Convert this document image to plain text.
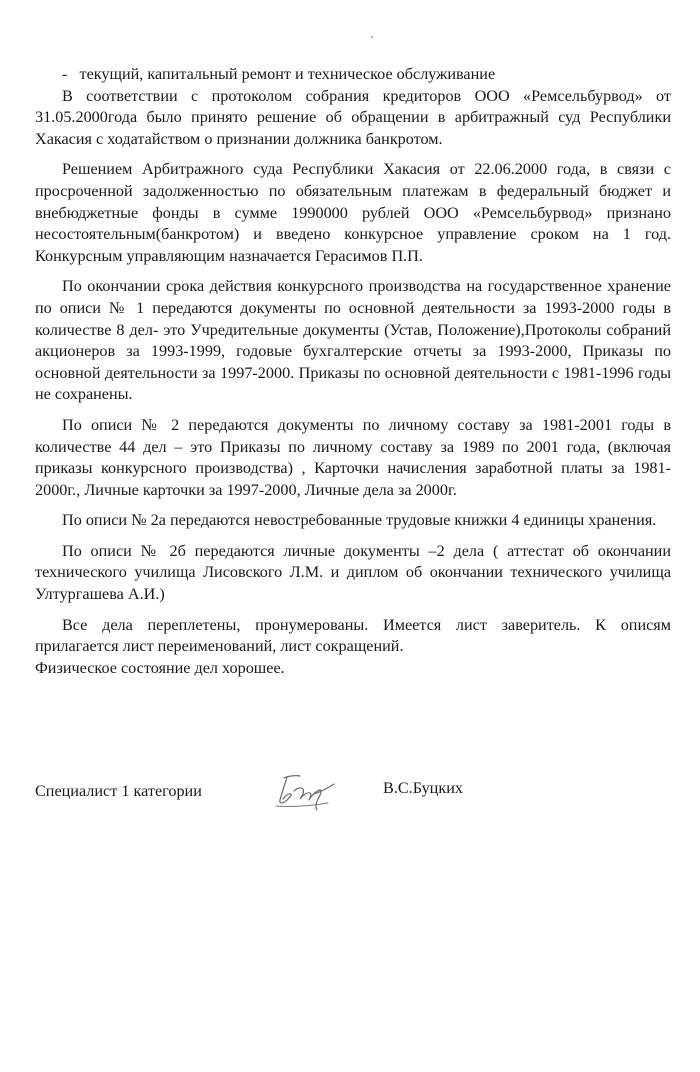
-   текущий, капитальный ремонт и техническое обслуживание

В соответствии с протоколом собрания кредиторов ООО «Ремсельбурвод» от 31.05.2000года было принято решение об обращении в арбитражный суд Республики Хакасия с ходатайством о признании должника банкротом.

Решением Арбитражного суда Республики Хакасия от 22.06.2000 года, в связи с просроченной задолженностью по обязательным платежам в федеральный бюджет и внебюджетные фонды в сумме 1990000 рублей ООО «Ремсельбурвод» признано несостоятельным(банкротом) и введено конкурсное управление сроком на 1 год. Конкурсным управляющим назначается Герасимов П.П.

По окончании срока действия конкурсного производства на государственное хранение по описи № 1 передаются документы по основной деятельности за 1993-2000 годы в количестве 8 дел- это Учредительные документы (Устав, Положение),Протоколы собраний акционеров за 1993-1999, годовые бухгалтерские отчеты за 1993-2000, Приказы по основной деятельности за 1997-2000. Приказы по основной деятельности с 1981-1996 годы не сохранены.

По описи № 2 передаются документы по личному составу за 1981-2001 годы в количестве 44 дел – это Приказы по личному составу за 1989 по 2001 года, (включая приказы конкурсного производства) , Карточки начисления заработной платы за 1981-2000г., Личные карточки за 1997-2000, Личные дела за 2000г.

По описи № 2а передаются невостребованные трудовые книжки 4 единицы хранения.

По описи № 2б передаются личные документы –2 дела ( аттестат об окончании технического училища Лисовского Л.М. и диплом об окончании технического училища Ултургашева А.И.)

Все дела переплетены, пронумерованы. Имеется лист заверитель. К описям прилагается лист переименований, лист сокращений.

Физическое состояние дел хорошее.

Специалист 1 категории	В.С.Буцких
